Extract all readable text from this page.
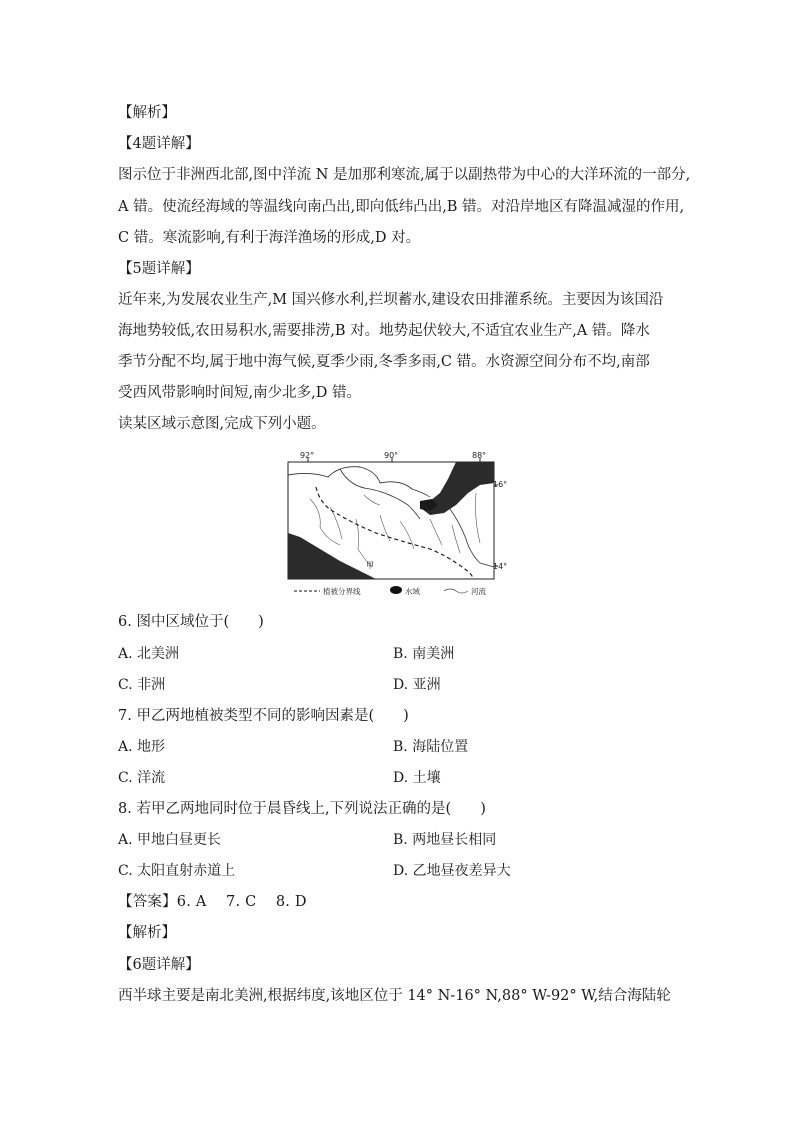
【解析】
【4题详解】
图示位于非洲西北部,图中洋流 N 是加那利寒流,属于以副热带为中心的大洋环流的一部分,
A 错。使流经海域的等温线向南凸出,即向低纬凸出,B 错。对沿岸地区有降温减湿的作用,
C 错。寒流影响,有利于海洋渔场的形成,D 对。
【5题详解】
近年来,为发展农业生产,M 国兴修水利,拦坝蓄水,建设农田排灌系统。主要因为该国沿
海地势较低,农田易积水,需要排涝,B 对。地势起伏较大,不适宜农业生产,A 错。降水
季节分配不均,属于地中海气候,夏季少雨,冬季多雨,C 错。水资源空间分布不均,南部
受西风带影响时间短,南少北多,D 错。
读某区域示意图,完成下列小题。
92°	90°	88°
16°
14°
甲
乙
植被分界线	水域	河流
6. 图中区域位于(　　)
A. 北美洲	B. 南美洲
C. 非洲	D. 亚洲
7. 甲乙两地植被类型不同的影响因素是(　　)
A. 地形	B. 海陆位置
C. 洋流	D. 土壤
8. 若甲乙两地同时位于晨昏线上,下列说法正确的是(　　)
A. 甲地白昼更长	B. 两地昼长相同
C. 太阳直射赤道上	D. 乙地昼夜差异大
【答案】6. A　 7. C　 8. D
【解析】
【6题详解】
西半球主要是南北美洲,根据纬度,该地区位于 14° N-16° N,88° W-92° W,结合海陆轮
